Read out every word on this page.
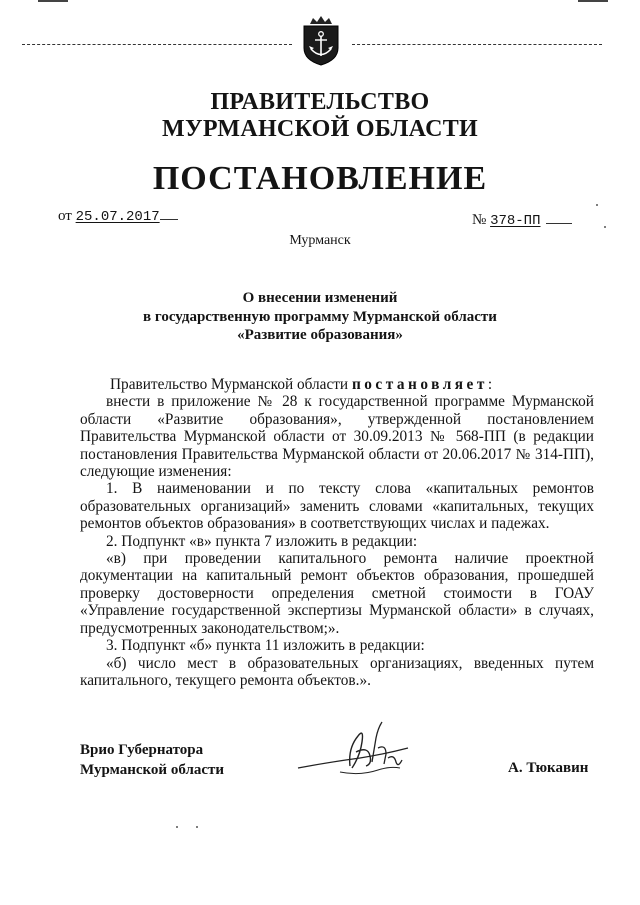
ПРАВИТЕЛЬСТВО
МУРМАНСКОЙ ОБЛАСТИ
ПОСТАНОВЛЕНИЕ
от 25.07.2017	№ 378-ПП
Мурманск
О внесении изменений
в государственную программу Мурманской области
«Развитие образования»

Правительство Мурманской области постановляет:

внести в приложение № 28 к государственной программе Мурманской области «Развитие образования», утвержденной постановлением Правительства Мурманской области от 30.09.2013 № 568-ПП (в редакции постановления Правительства Мурманской области от 20.06.2017 № 314-ПП), следующие изменения:

1. В наименовании и по тексту слова «капитальных ремонтов образовательных организаций» заменить словами «капитальных, текущих ремонтов объектов образования» в соответствующих числах и падежах.

2. Подпункт «в» пункта 7 изложить в редакции:

«в) при проведении капитального ремонта наличие проектной документации на капитальный ремонт объектов образования, прошедшей проверку достоверности определения сметной стоимости в ГОАУ «Управление государственной экспертизы Мурманской области» в случаях, предусмотренных законодательством;».

3. Подпункт «б» пункта 11 изложить в редакции:

«б) число мест в образовательных организациях, введенных путем капитального, текущего ремонта объектов.».

Врио Губернатора
Мурманской области	А. Тюкавин
